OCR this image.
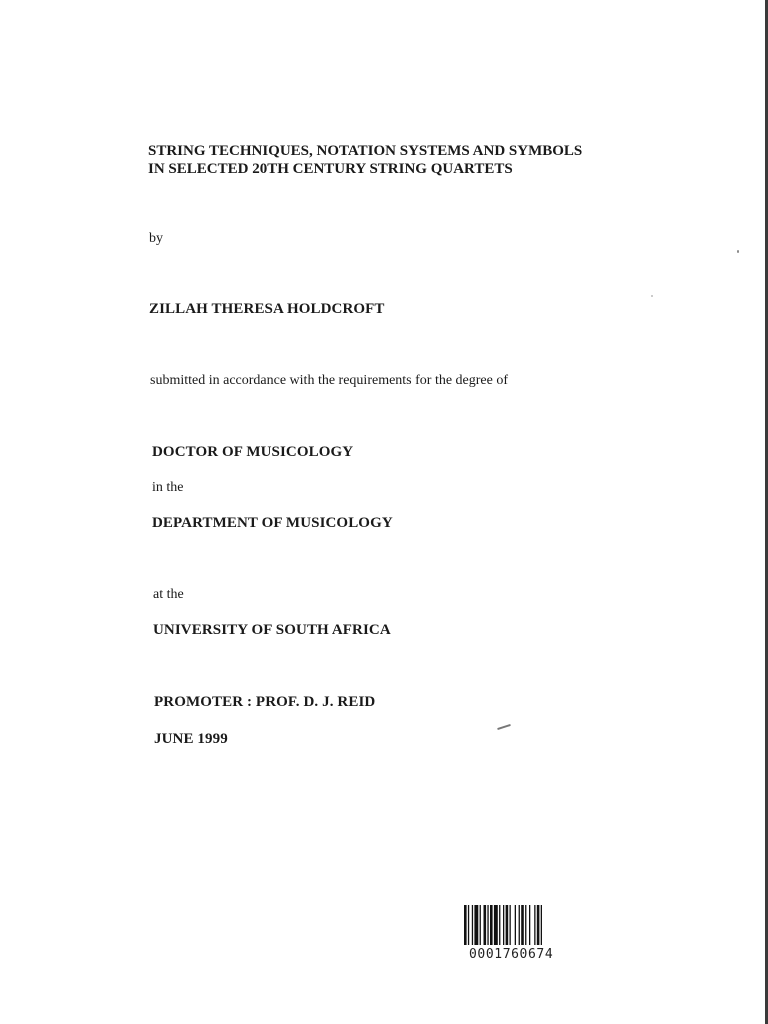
STRING TECHNIQUES, NOTATION SYSTEMS AND SYMBOLS
IN SELECTED 20TH CENTURY STRING QUARTETS
by
ZILLAH THERESA HOLDCROFT
submitted in accordance with the requirements for the degree of
DOCTOR OF MUSICOLOGY
in the
DEPARTMENT OF MUSICOLOGY
at the
UNIVERSITY OF SOUTH AFRICA
PROMOTER : PROF. D. J. REID
JUNE 1999
0001760674
